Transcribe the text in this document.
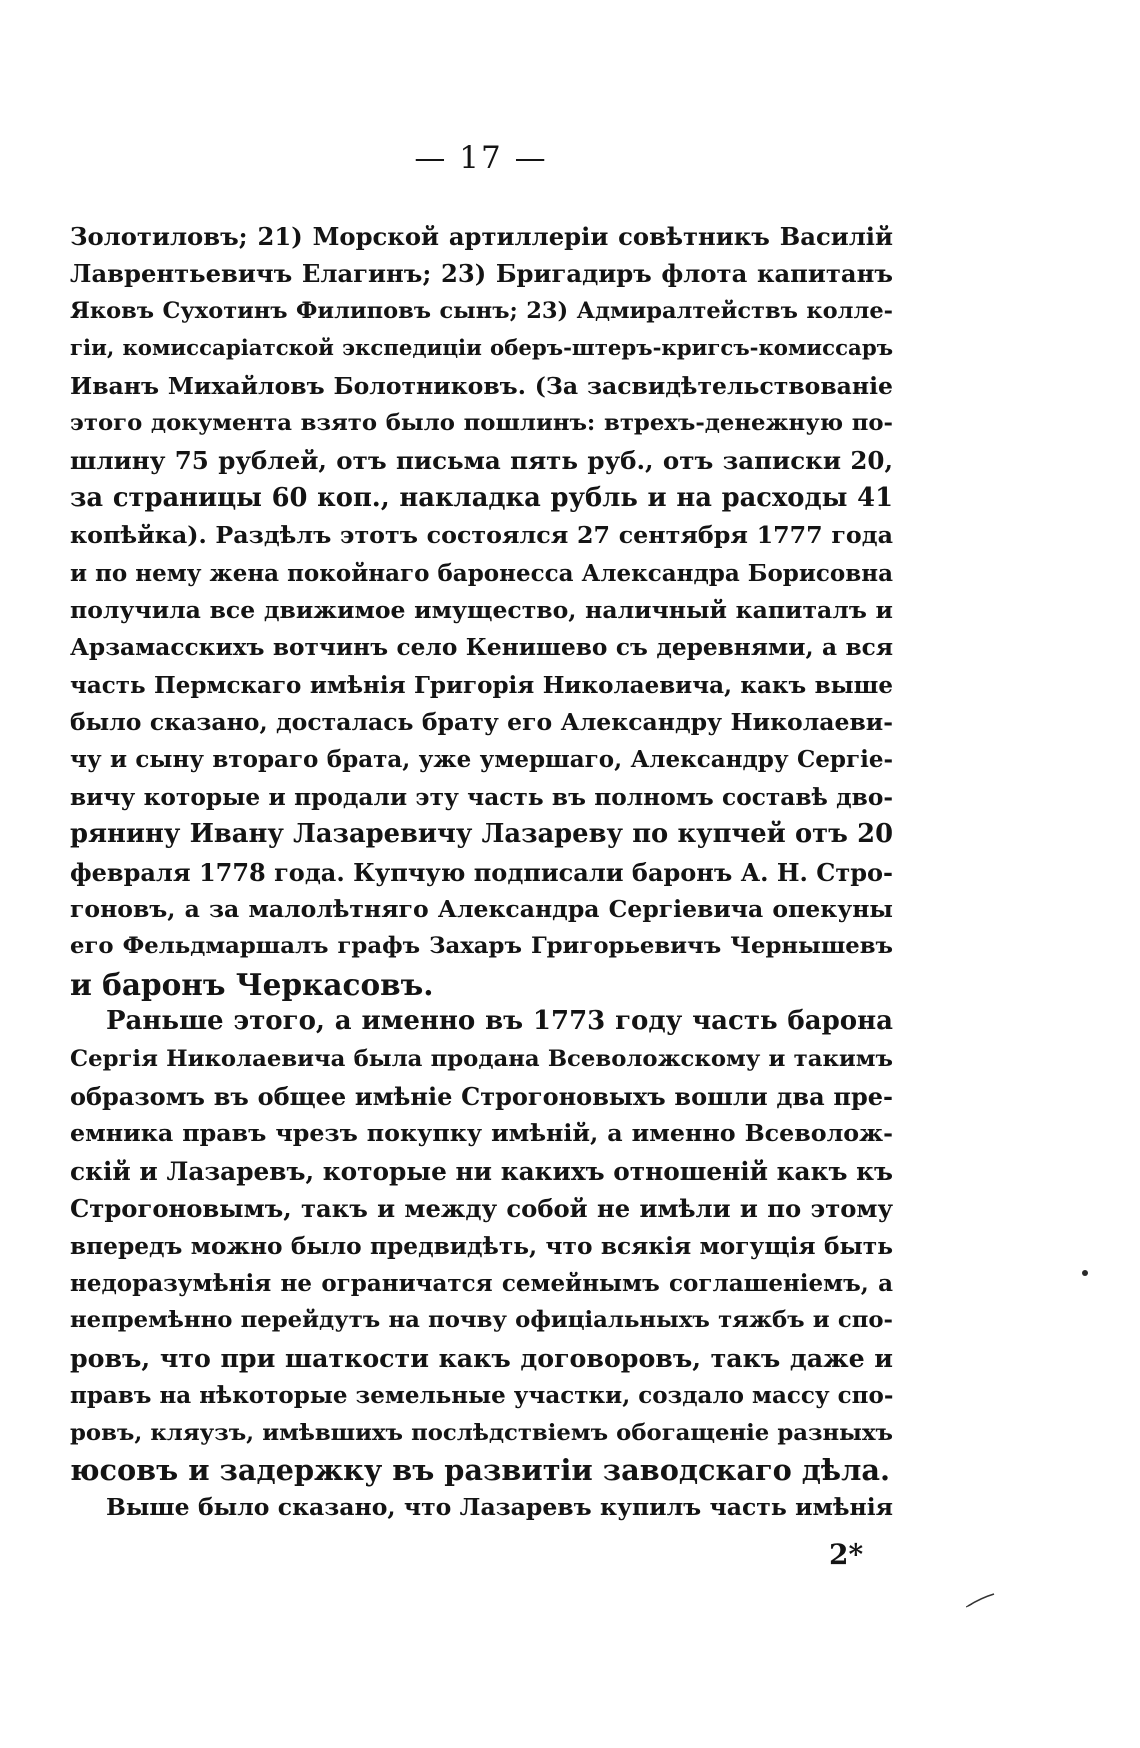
— 17 —
Золотиловъ; 21) Морской артиллеріи совѣтникъ Василій
Лаврентьевичъ Елагинъ; 23) Бригадиръ флота капитанъ
Яковъ Сухотинъ Филиповъ сынъ; 23) Адмиралтействъ колле-
гіи, комиссаріатской экспедиціи оберъ-штеръ-кригсъ-комиссаръ
Иванъ Михайловъ Болотниковъ. (За засвидѣтельствованіе
этого документа взято было пошлинъ: втрехъ-денежную по-
шлину 75 рублей, отъ письма пять руб., отъ записки 20,
за страницы 60 коп., накладка рубль и на расходы 41
копѣйка). Раздѣлъ этотъ состоялся 27 сентября 1777 года
и по нему жена покойнаго баронесса Александра Борисовна
получила все движимое имущество, наличный капиталъ и
Арзамасскихъ вотчинъ село Кенишево съ деревнями, а вся
часть Пермскаго имѣнія Григорія Николаевича, какъ выше
было сказано, досталась брату его Александру Николаеви-
чу и сыну втораго брата, уже умершаго, Александру Сергіе-
вичу которые и продали эту часть въ полномъ составѣ дво-
рянину Ивану Лазаревичу Лазареву по купчей отъ 20
февраля 1778 года. Купчую подписали баронъ А. Н. Стро-
гоновъ, а за малолѣтняго Александра Сергіевича опекуны
его Фельдмаршалъ графъ Захаръ Григорьевичъ Чернышевъ
и баронъ Черкасовъ.
Раньше этого, а именно въ 1773 году часть барона
Сергія Николаевича была продана Всеволожскому и такимъ
образомъ въ общее имѣніе Строгоновыхъ вошли два пре-
емника правъ чрезъ покупку имѣній, а именно Всеволож-
скій и Лазаревъ, которые ни какихъ отношеній какъ къ
Строгоновымъ, такъ и между собой не имѣли и по этому
впередъ можно было предвидѣть, что всякія могущія быть
недоразумѣнія не ограничатся семейнымъ соглашеніемъ, а
непремѣнно перейдутъ на почву офиціальныхъ тяжбъ и спо-
ровъ, что при шаткости какъ договоровъ, такъ даже и
правъ на нѣкоторые земельные участки, создало массу спо-
ровъ, кляузъ, имѣвшихъ послѣдствіемъ обогащеніе разныхъ
юсовъ и задержку въ развитіи заводскаго дѣла.
Выше было сказано, что Лазаревъ купилъ часть имѣнія
2*
